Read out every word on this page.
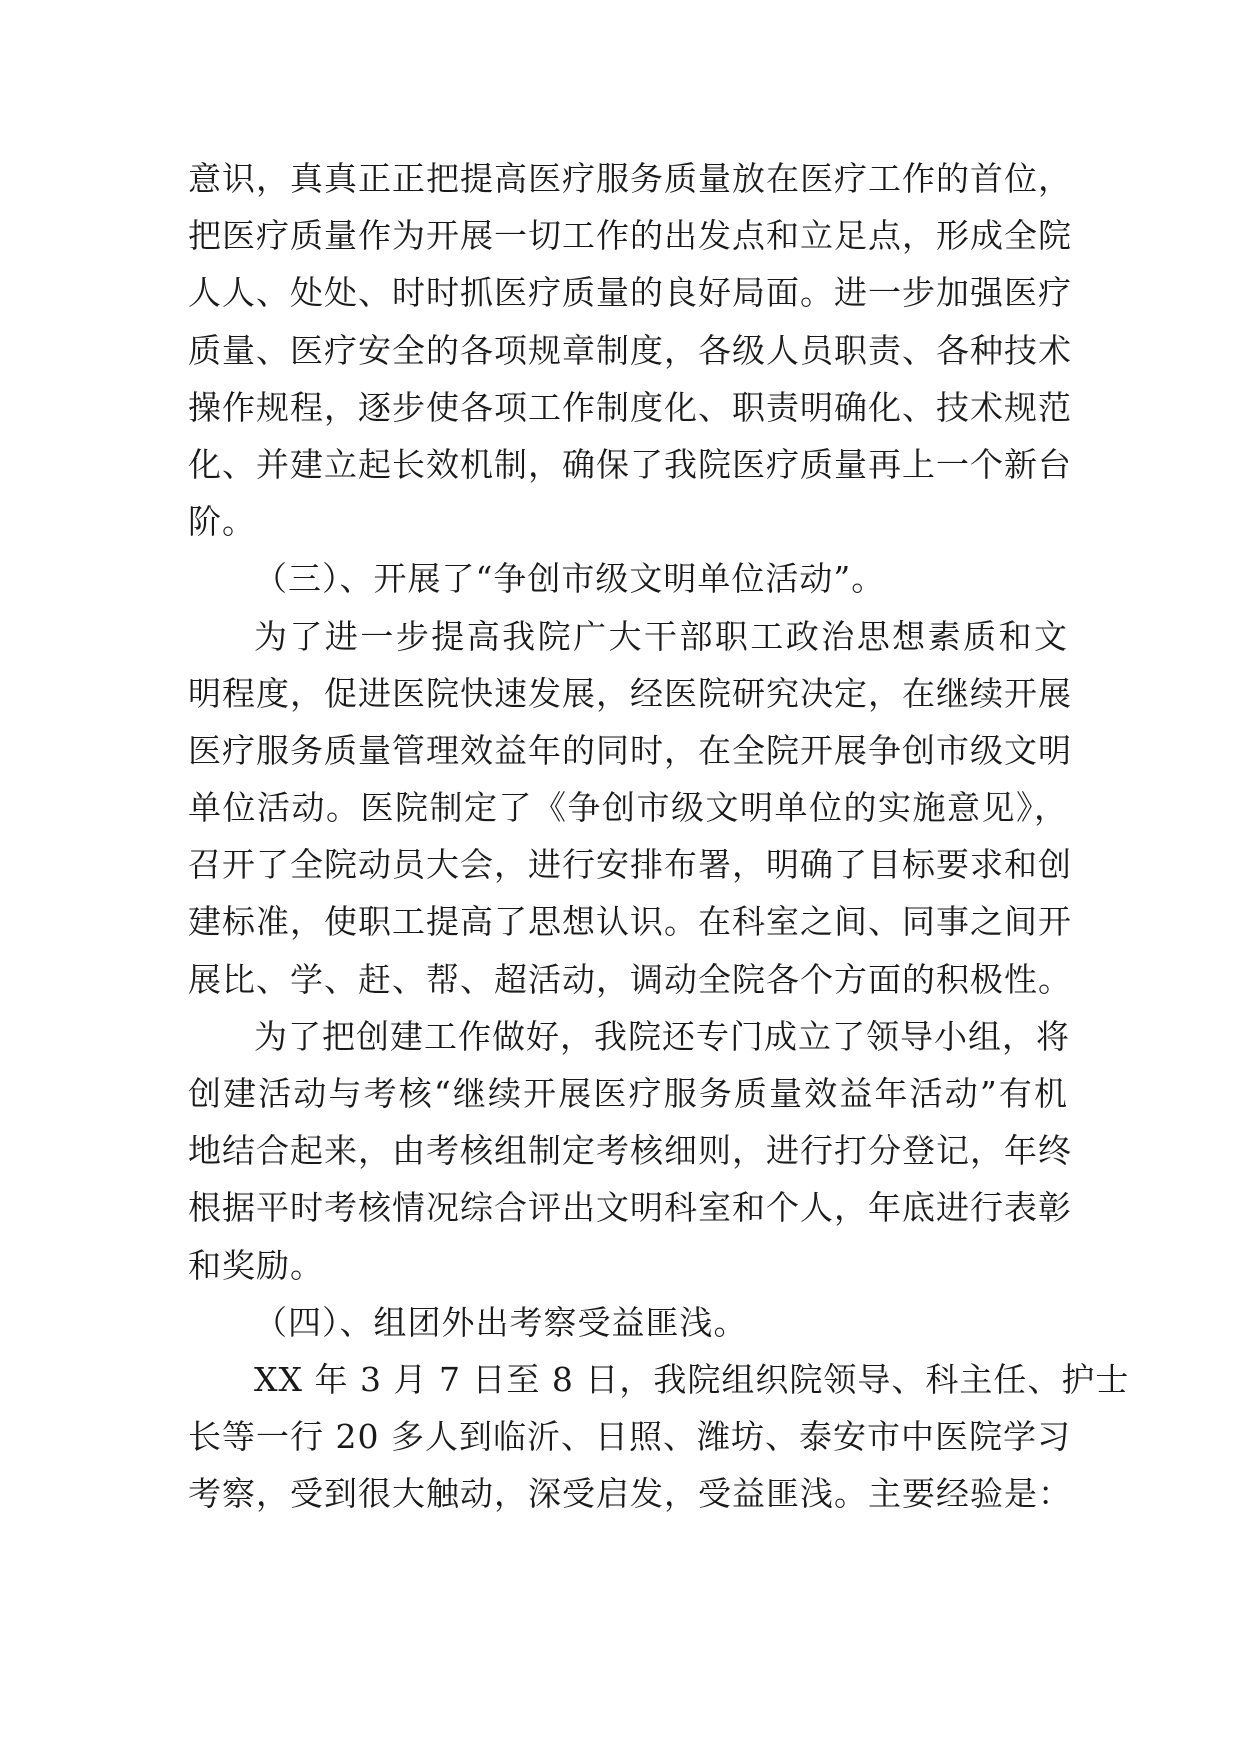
意识，真真正正把提高医疗服务质量放在医疗工作的首位，
把医疗质量作为开展一切工作的出发点和立足点，形成全院
人人、处处、时时抓医疗质量的良好局面。进一步加强医疗
质量、医疗安全的各项规章制度，各级人员职责、各种技术
操作规程，逐步使各项工作制度化、职责明确化、技术规范
化、并建立起长效机制，确保了我院医疗质量再上一个新台
阶。
（三）、开展了“争创市级文明单位活动”。
为了进一步提高我院广大干部职工政治思想素质和文
明程度，促进医院快速发展，经医院研究决定，在继续开展
医疗服务质量管理效益年的同时，在全院开展争创市级文明
单位活动。医院制定了《争创市级文明单位的实施意见》，
召开了全院动员大会，进行安排布署，明确了目标要求和创
建标准，使职工提高了思想认识。在科室之间、同事之间开
展比、学、赶、帮、超活动，调动全院各个方面的积极性。
为了把创建工作做好，我院还专门成立了领导小组，将
创建活动与考核“继续开展医疗服务质量效益年活动”有机
地结合起来，由考核组制定考核细则，进行打分登记，年终
根据平时考核情况综合评出文明科室和个人，年底进行表彰
和奖励。
（四）、组团外出考察受益匪浅。
XX 年 3 月 7 日至 8 日，我院组织院领导、科主任、护士
长等一行 20 多人到临沂、日照、潍坊、泰安市中医院学习
考察，受到很大触动，深受启发，受益匪浅。主要经验是：
